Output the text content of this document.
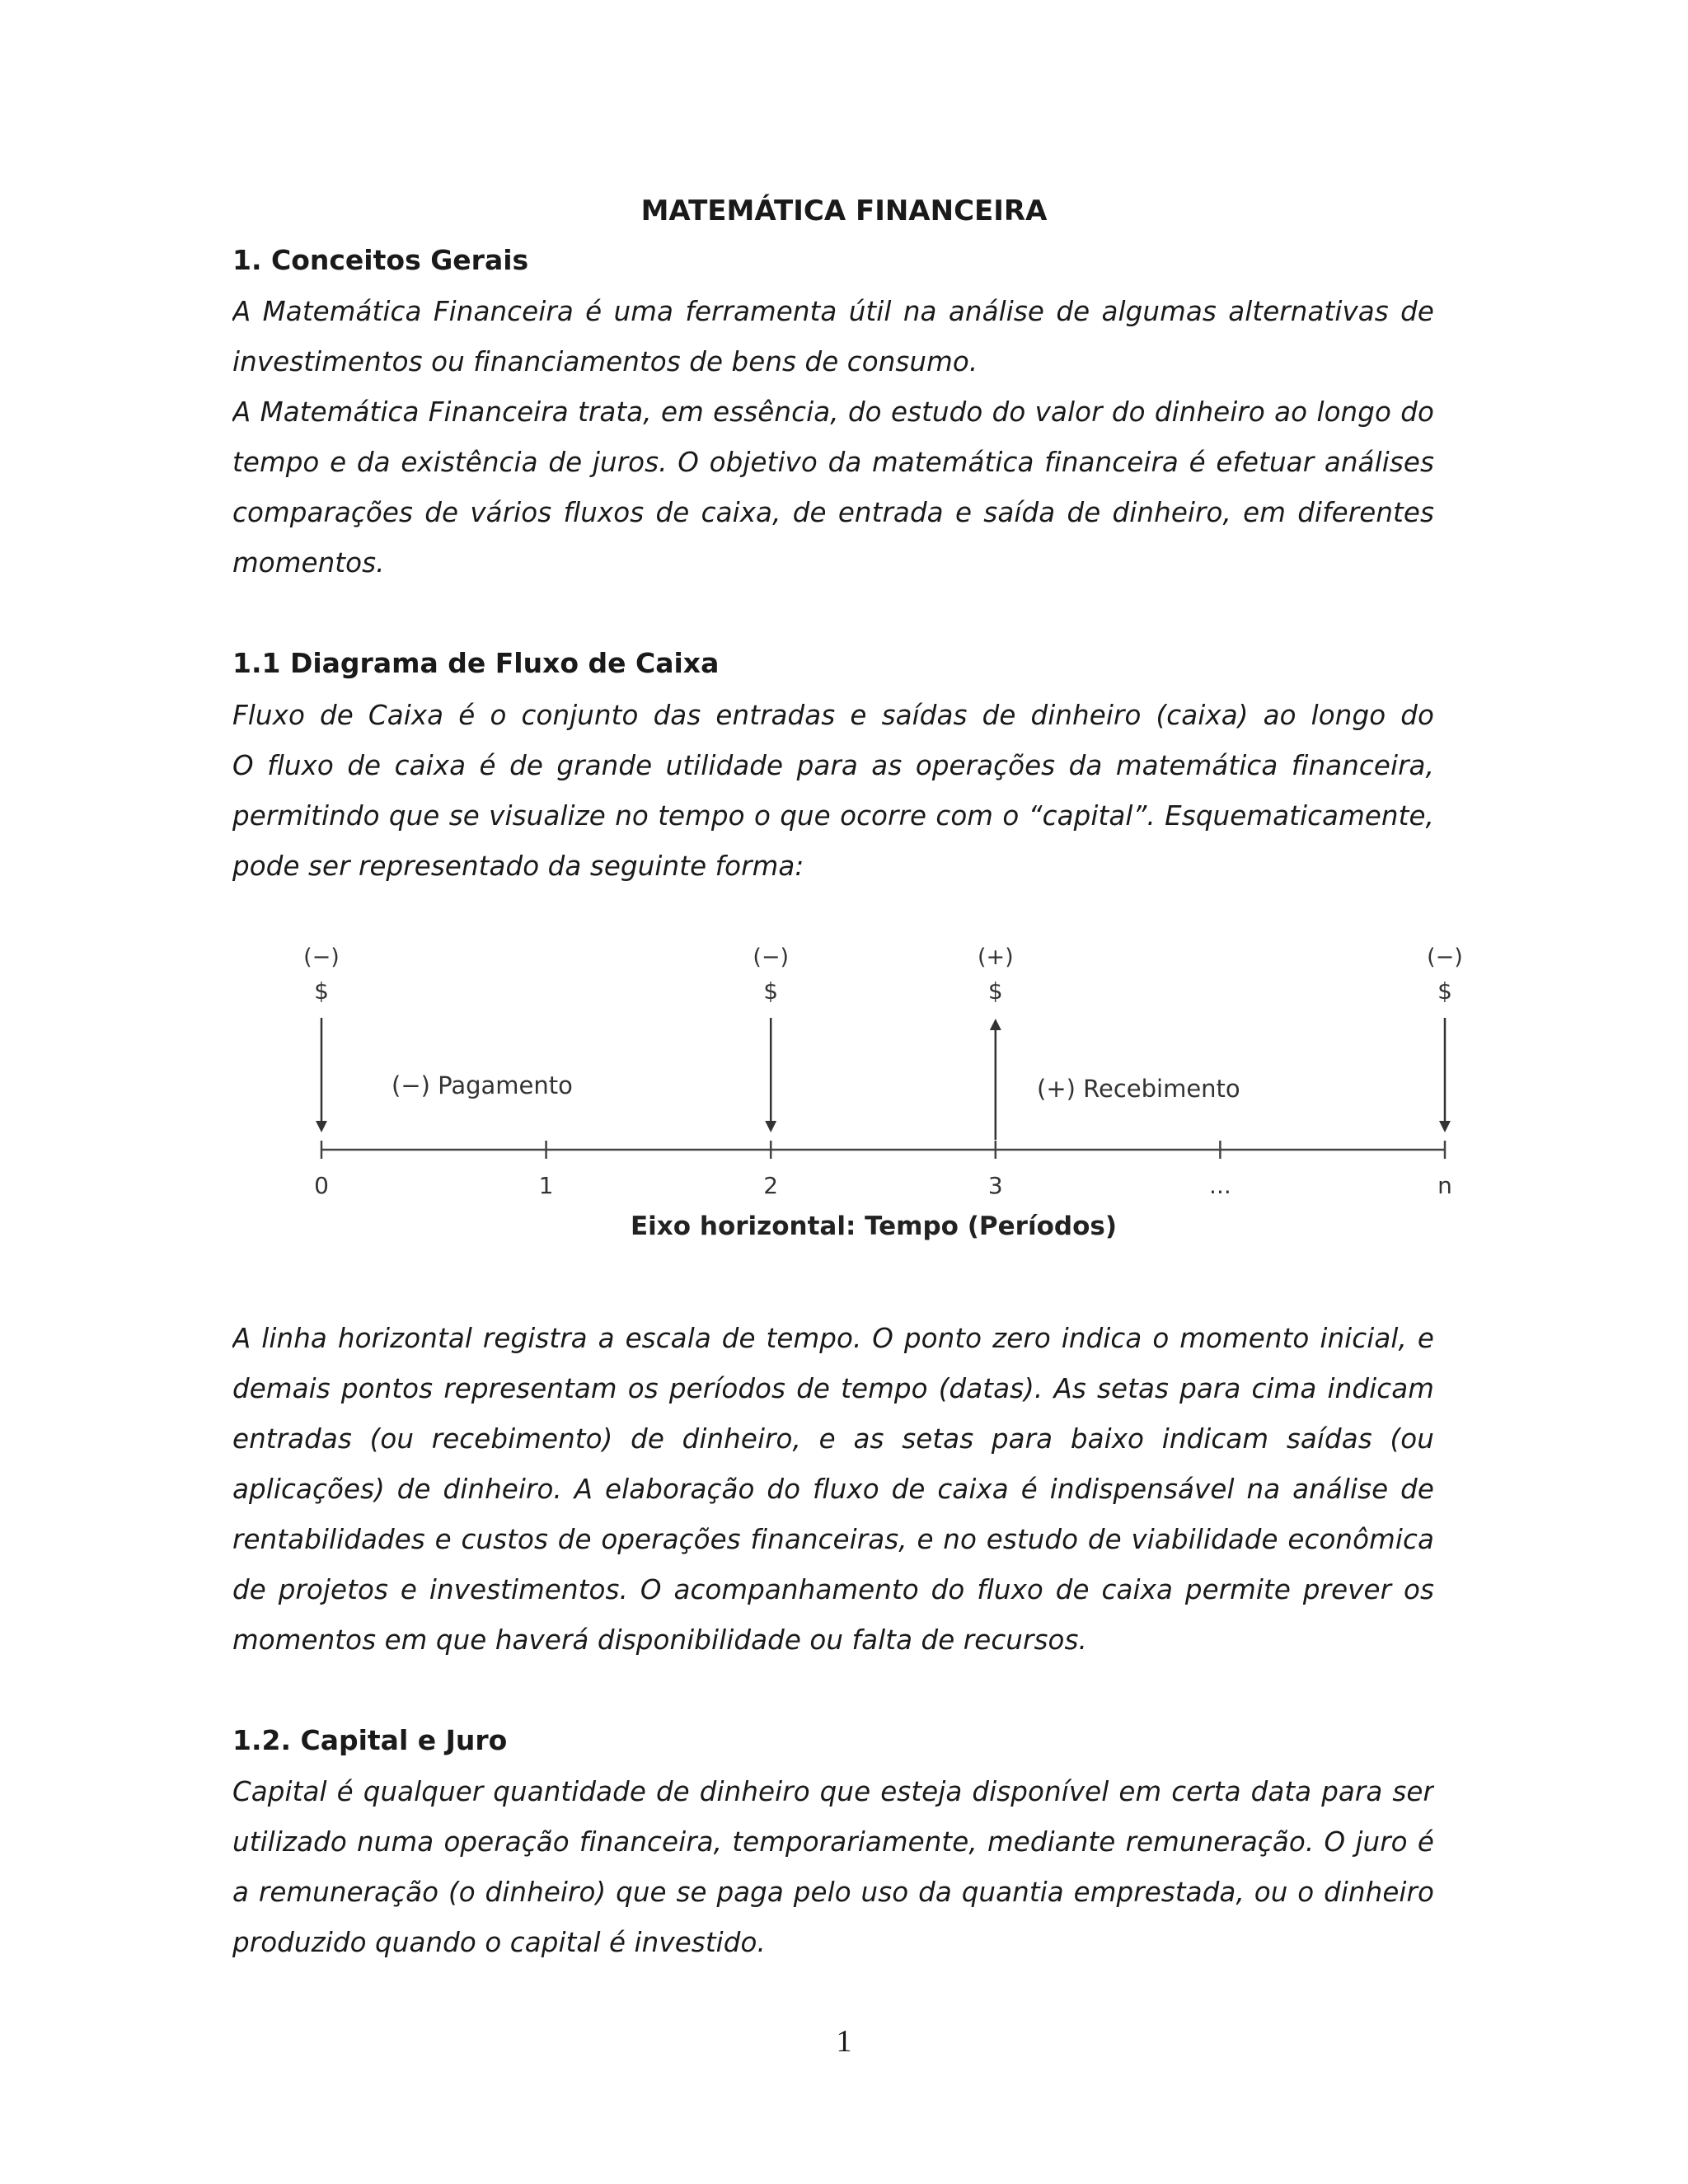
MATEMÁTICA FINANCEIRA
1. Conceitos Gerais
A Matemática Financeira é uma ferramenta útil na análise de algumas alternativas de
investimentos ou financiamentos de bens de consumo.
A Matemática Financeira trata, em essência, do estudo do valor do dinheiro ao longo do
tempo e da existência de juros. O objetivo da matemática financeira é efetuar análises
comparações de vários fluxos de caixa, de entrada e saída de dinheiro, em diferentes
momentos.
1.1 Diagrama de Fluxo de Caixa
Fluxo de Caixa é o conjunto das entradas e saídas de dinheiro (caixa) ao longo do
O fluxo de caixa é de grande utilidade para as operações da matemática financeira,
permitindo que se visualize no tempo o que ocorre com o “capital”. Esquematicamente,
pode ser representado da seguinte forma:
0	1	2	3	...	n
(−)
$
(−)
$
(+)
$
(−)
$
(−) Pagamento	(+) Recebimento
Eixo horizontal: Tempo (Períodos)
A linha horizontal registra a escala de tempo. O ponto zero indica o momento inicial, e
demais pontos representam os períodos de tempo (datas). As setas para cima indicam
entradas (ou recebimento) de dinheiro, e as setas para baixo indicam saídas (ou
aplicações) de dinheiro. A elaboração do fluxo de caixa é indispensável na análise de
rentabilidades e custos de operações financeiras, e no estudo de viabilidade econômica
de projetos e investimentos. O acompanhamento do fluxo de caixa permite prever os
momentos em que haverá disponibilidade ou falta de recursos.
1.2. Capital e Juro
Capital é qualquer quantidade de dinheiro que esteja disponível em certa data para ser
utilizado numa operação financeira, temporariamente, mediante remuneração. O juro é
a remuneração (o dinheiro) que se paga pelo uso da quantia emprestada, ou o dinheiro
produzido quando o capital é investido.
1
